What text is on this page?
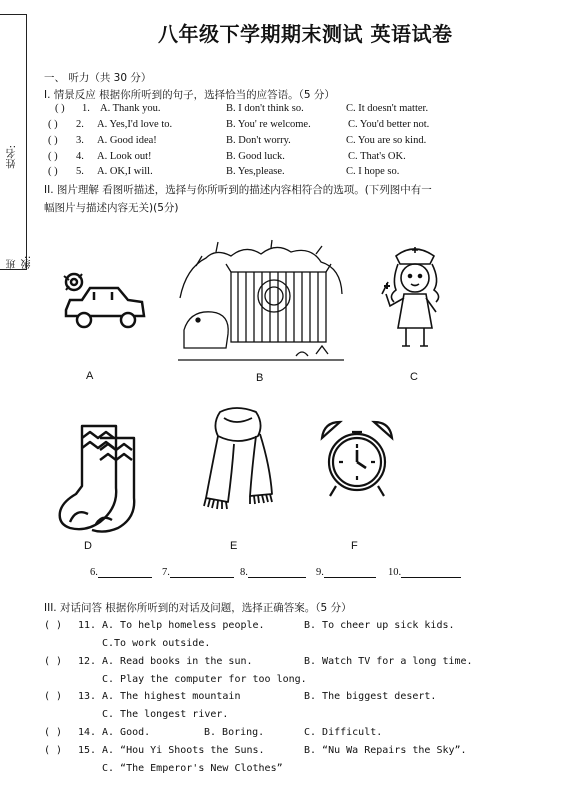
姓名:
班级:
八年级下学期期末测试 英语试卷
一、 听力（共 30 分）
I. 情景反应 根据你所听到的句子，选择恰当的应答语。（5 分）
( ) 1. A. Thank you.	B. I don't think so.	C. It doesn't matter.
( ) 2. A. Yes,I'd love to.	B. You' re welcome.	C. You'd better not.
( ) 3. A. Good idea!	B. Don't worry.	C. You are so kind.
( ) 4. A. Look out!	B. Good luck.	C. That's OK.
( ) 5. A. OK,I will.	B. Yes,please.	C. I hope so.
II. 图片理解 看图听描述，选择与你所听到的描述内容相符合的选项。(下列图中有一
幅图片与描述内容无关)(5分)
A	B	C
D	E	F
6.	7.	8.	9.	10.
III. 对话问答 根据你所听到的对话及问题，选择正确答案。（5 分）
( ) 11. A. To help homeless people.	B. To cheer up sick kids.
C.To work outside.
( ) 12. A. Read books in the sun.	B. Watch TV for a long time.
C. Play the computer for too long.
( ) 13. A. The highest mountain	B. The biggest desert.
C. The longest river.
( ) 14. A. Good.	B. Boring.	C. Difficult.
( ) 15. A. “Hou Yi Shoots the Suns.	B. “Nu Wa Repairs the Sky”.
C. “The Emperor's New Clothes”
